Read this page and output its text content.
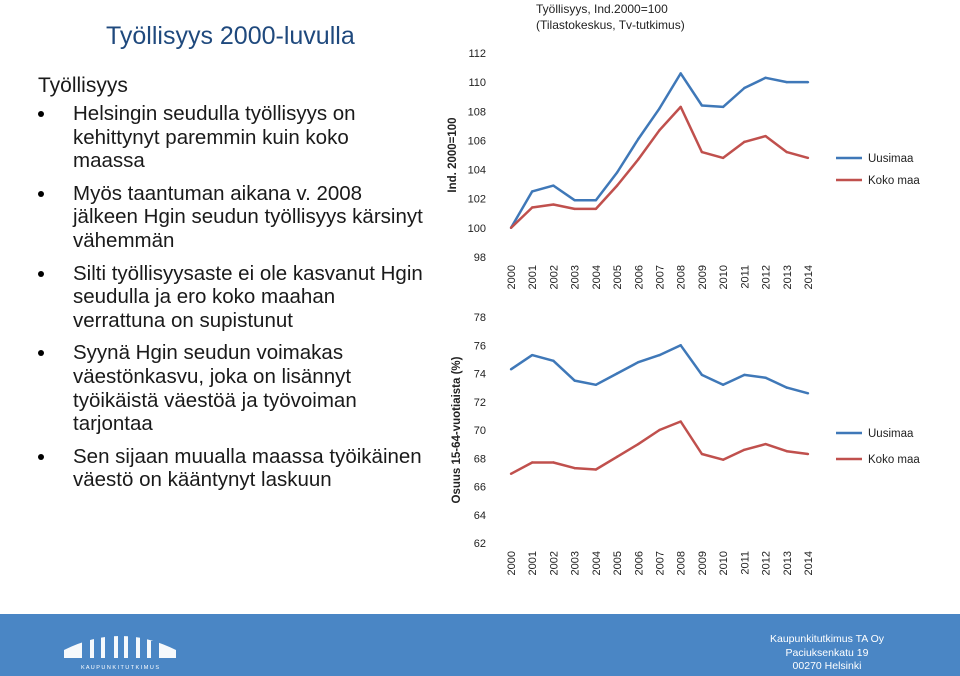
Työllisyys 2000-luvulla
Työllisyys
Helsingin seudulla työllisyys on kehittynyt paremmin kuin koko maassa
Myös taantuman aikana v. 2008 jälkeen Hgin seudun työllisyys kärsinyt vähemmän
Silti työllisyysaste ei ole kasvanut Hgin seudulla ja ero koko maahan verrattuna on supistunut
Syynä Hgin seudun voimakas väestönkasvu, joka on lisännyt työikäistä väestöä ja työvoiman tarjontaa
Sen sijaan muualla maassa työikäinen väestö on kääntynyt laskuun
Työllisyys, Ind.2000=100
(Tilastokeskus, Tv-tutkimus)
112
110
108
106
104
102
100
98
Ind. 2000=100
2000 2001 2002 2003 2004 2005 2006 2007 2008 2009 2010 2011 2012 2013 2014
Uusimaa
Koko maa
78
76
74
72
70
68
66
64
62
Osuus 15-64-vuotiaista (%)
2000 2001 2002 2003 2004 2005 2006 2007 2008 2009 2010 2011 2012 2013 2014
Uusimaa
Koko maa
K A U P U N K I T U T K I M U S
Kaupunkitutkimus TA Oy
Paciuksenkatu 19
00270 Helsinki
